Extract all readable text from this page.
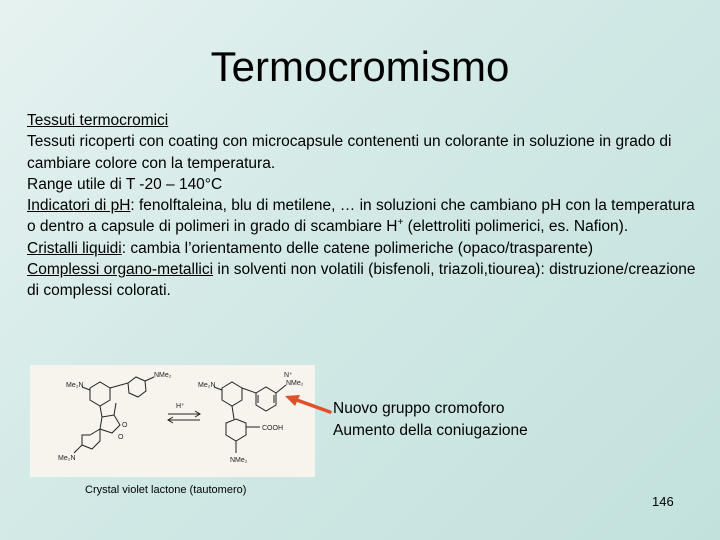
Termocromismo

Tessuti termocromici

Tessuti ricoperti con coating con microcapsule contenenti un colorante in soluzione in grado di cambiare colore con la temperatura.

Range utile di T -20 – 140°C

Indicatori di pH: fenolftaleina, blu di metilene, … in soluzioni che cambiano pH con la temperatura o dentro a capsule di polimeri in grado di scambiare H+ (elettroliti polimerici, es. Nafion).

Cristalli liquidi: cambia l’orientamento delle catene polimeriche (opaco/trasparente)

Complessi organo-metallici in solventi non volatili (bisfenoli, triazoli,tiourea): distruzione/creazione di complessi colorati.

Me₂N
NMe₂
Me₂N	NMe₂
NMe₂
Me₂N
H⁺
O
O
COOH
N⁺
Crystal violet lactone (tautomero)
Nuovo gruppo cromoforo
Aumento della coniugazione
146
